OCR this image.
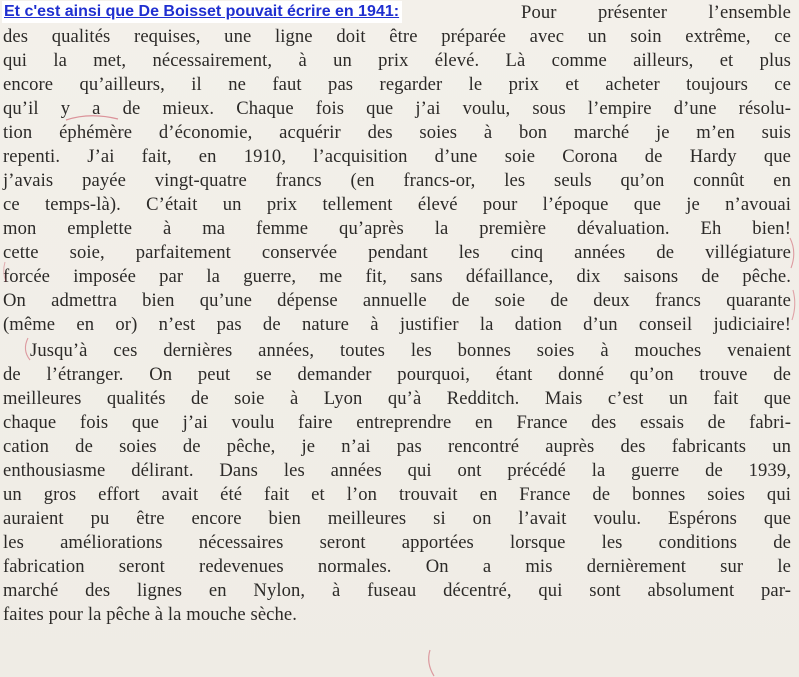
Et c'est ainsi que De Boisset pouvait écrire en 1941:	Pour présenter l’ensemble
des qualités requises, une ligne doit être préparée avec un soin extrême, ce
qui la met, nécessairement, à un prix élevé. Là comme ailleurs, et plus
encore qu’ailleurs, il ne faut pas regarder le prix et acheter toujours ce
qu’il y a de mieux. Chaque fois que j’ai voulu, sous l’empire d’une résolu-
tion éphémère d’économie, acquérir des soies à bon marché je m’en suis
repenti. J’ai fait, en 1910, l’acquisition d’une soie Corona de Hardy que
j’avais payée vingt-quatre francs (en francs-or, les seuls qu’on connût en
ce temps-là). C’était un prix tellement élevé pour l’époque que je n’avouai
mon emplette à ma femme qu’après la première dévaluation. Eh bien!
cette soie, parfaitement conservée pendant les cinq années de villégiature
forcée imposée par la guerre, me fit, sans défaillance, dix saisons de pêche.
On admettra bien qu’une dépense annuelle de soie de deux francs quarante
(même en or) n’est pas de nature à justifier la dation d’un conseil judiciaire!
Jusqu’à ces dernières années, toutes les bonnes soies à mouches venaient
de l’étranger. On peut se demander pourquoi, étant donné qu’on trouve de
meilleures qualités de soie à Lyon qu’à Redditch. Mais c’est un fait que
chaque fois que j’ai voulu faire entreprendre en France des essais de fabri-
cation de soies de pêche, je n’ai pas rencontré auprès des fabricants un
enthousiasme délirant. Dans les années qui ont précédé la guerre de 1939,
un gros effort avait été fait et l’on trouvait en France de bonnes soies qui
auraient pu être encore bien meilleures si on l’avait voulu. Espérons que
les améliorations nécessaires seront apportées lorsque les conditions de
fabrication seront redevenues normales. On a mis dernièrement sur le
marché des lignes en Nylon, à fuseau décentré, qui sont absolument par-
faites pour la pêche à la mouche sèche.
